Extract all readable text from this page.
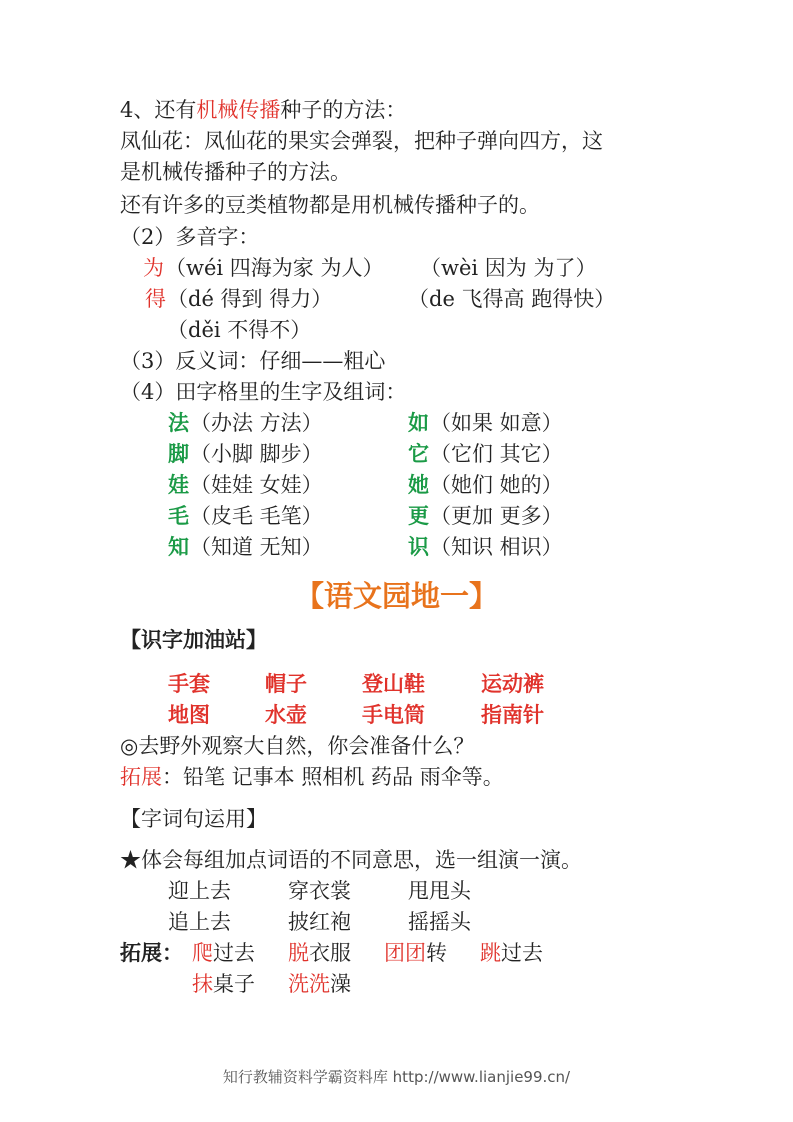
4、还有机械传播种子的方法：
凤仙花：凤仙花的果实会弹裂，把种子弹向四方，这
是机械传播种子的方法。
还有许多的豆类植物都是用机械传播种子的。
（2）多音字：
为 （wéi 四海为家 为人） （wèi 因为 为了）
得 （dé 得到 得力）	（de 飞得高 跑得快）
（děi 不得不）
（3）反义词：仔细——粗心
（4）田字格里的生字及组词：
法 （办法 方法）	如 （如果 如意）
脚 （小脚 脚步）	它 （它们 其它）
娃 （娃娃 女娃）	她 （她们 她的）
毛 （皮毛 毛笔）	更 （更加 更多）
知 （知道 无知）	识 （知识 相识）
【语文园地一】
【识字加油站】
手套	帽子	登山鞋	运动裤
地图	水壶	手电筒	指南针
◎去野外观察大自然，你会准备什么？
拓展：铅笔 记事本 照相机 药品 雨伞等。
【字词句运用】
★体会每组加点词语的不同意思，选一组演一演。
迎上去	穿衣裳	甩甩头
追上去	披红袍	摇摇头
拓展： 爬过去 脱衣服 团团转 跳过去
抹桌子 洗洗澡
知行教辅资料学霸资料库 http://www.lianjie99.cn/
